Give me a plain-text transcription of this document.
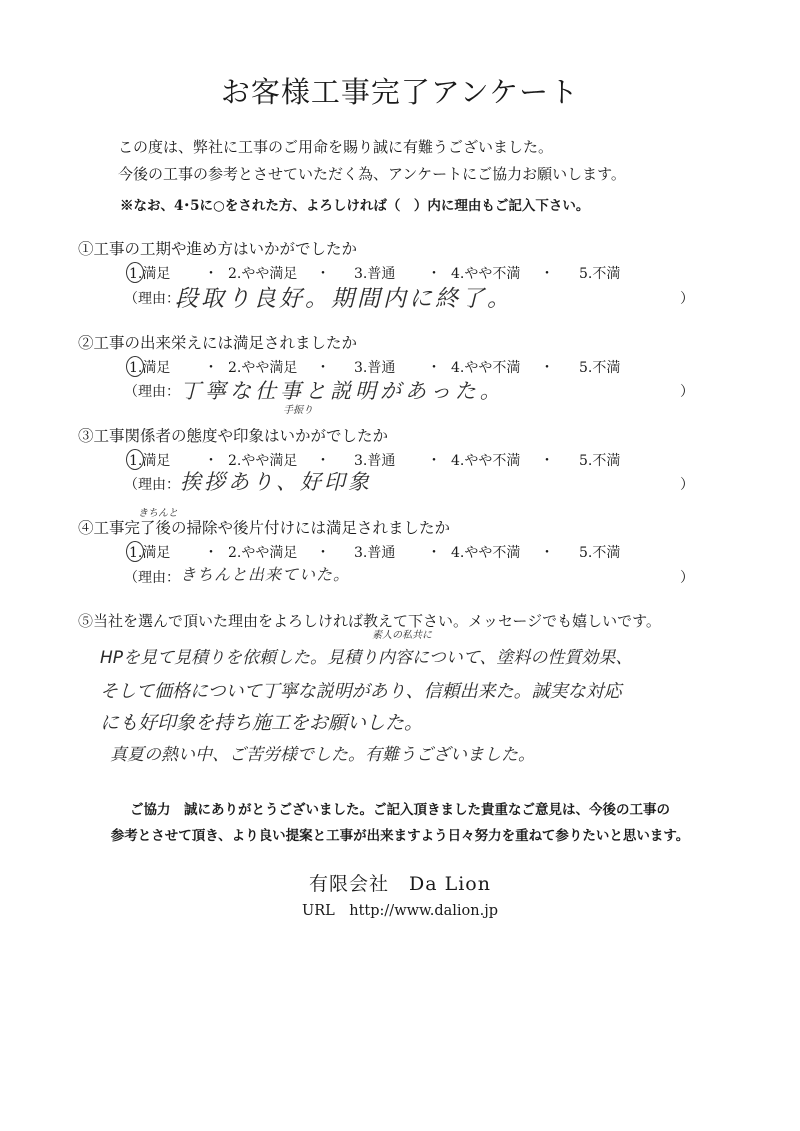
お客様工事完了アンケート
この度は、弊社に工事のご用命を賜り誠に有難うございました。
今後の工事の参考とさせていただく為、アンケートにご協力お願いします。
※なお、4･5に○をされた方、よろしければ（　）内に理由もご記入下さい。
①工事の工期や進め方はいかがでしたか
1.満足 ・ 2.やや満足 ・ 3.普通 ・ 4.やや不満 ・ 5.不満
（理由：	）
段取り良好。期間内に終了。
②工事の出来栄えには満足されましたか
1.満足 ・ 2.やや満足 ・ 3.普通 ・ 4.やや不満 ・ 5.不満
（理由：	）
丁寧な仕事と説明があった。
手振り
③工事関係者の態度や印象はいかがでしたか
1.満足 ・ 2.やや満足 ・ 3.普通 ・ 4.やや不満 ・ 5.不満
（理由：	）
挨拶あり、好印象
きちんと
④工事完了後の掃除や後片付けには満足されましたか
1.満足 ・ 2.やや満足 ・ 3.普通 ・ 4.やや不満 ・ 5.不満
（理由：	）
きちんと出来ていた。
⑤当社を選んで頂いた理由をよろしければ教えて下さい。メッセージでも嬉しいです。
素人の私共に
HPを見て見積りを依頼した。見積り内容について、塗料の性質効果、
そして価格について丁寧な説明があり、信頼出来た。誠実な対応
にも好印象を持ち施工をお願いした。
真夏の熱い中、ご苦労様でした。有難うございました。
ご協力　誠にありがとうございました。ご記入頂きました貴重なご意見は、今後の工事の
参考とさせて頂き、より良い提案と工事が出来ますよう日々努力を重ねて参りたいと思います。
有限会社　Da Lion
URL　http://www.dalion.jp
